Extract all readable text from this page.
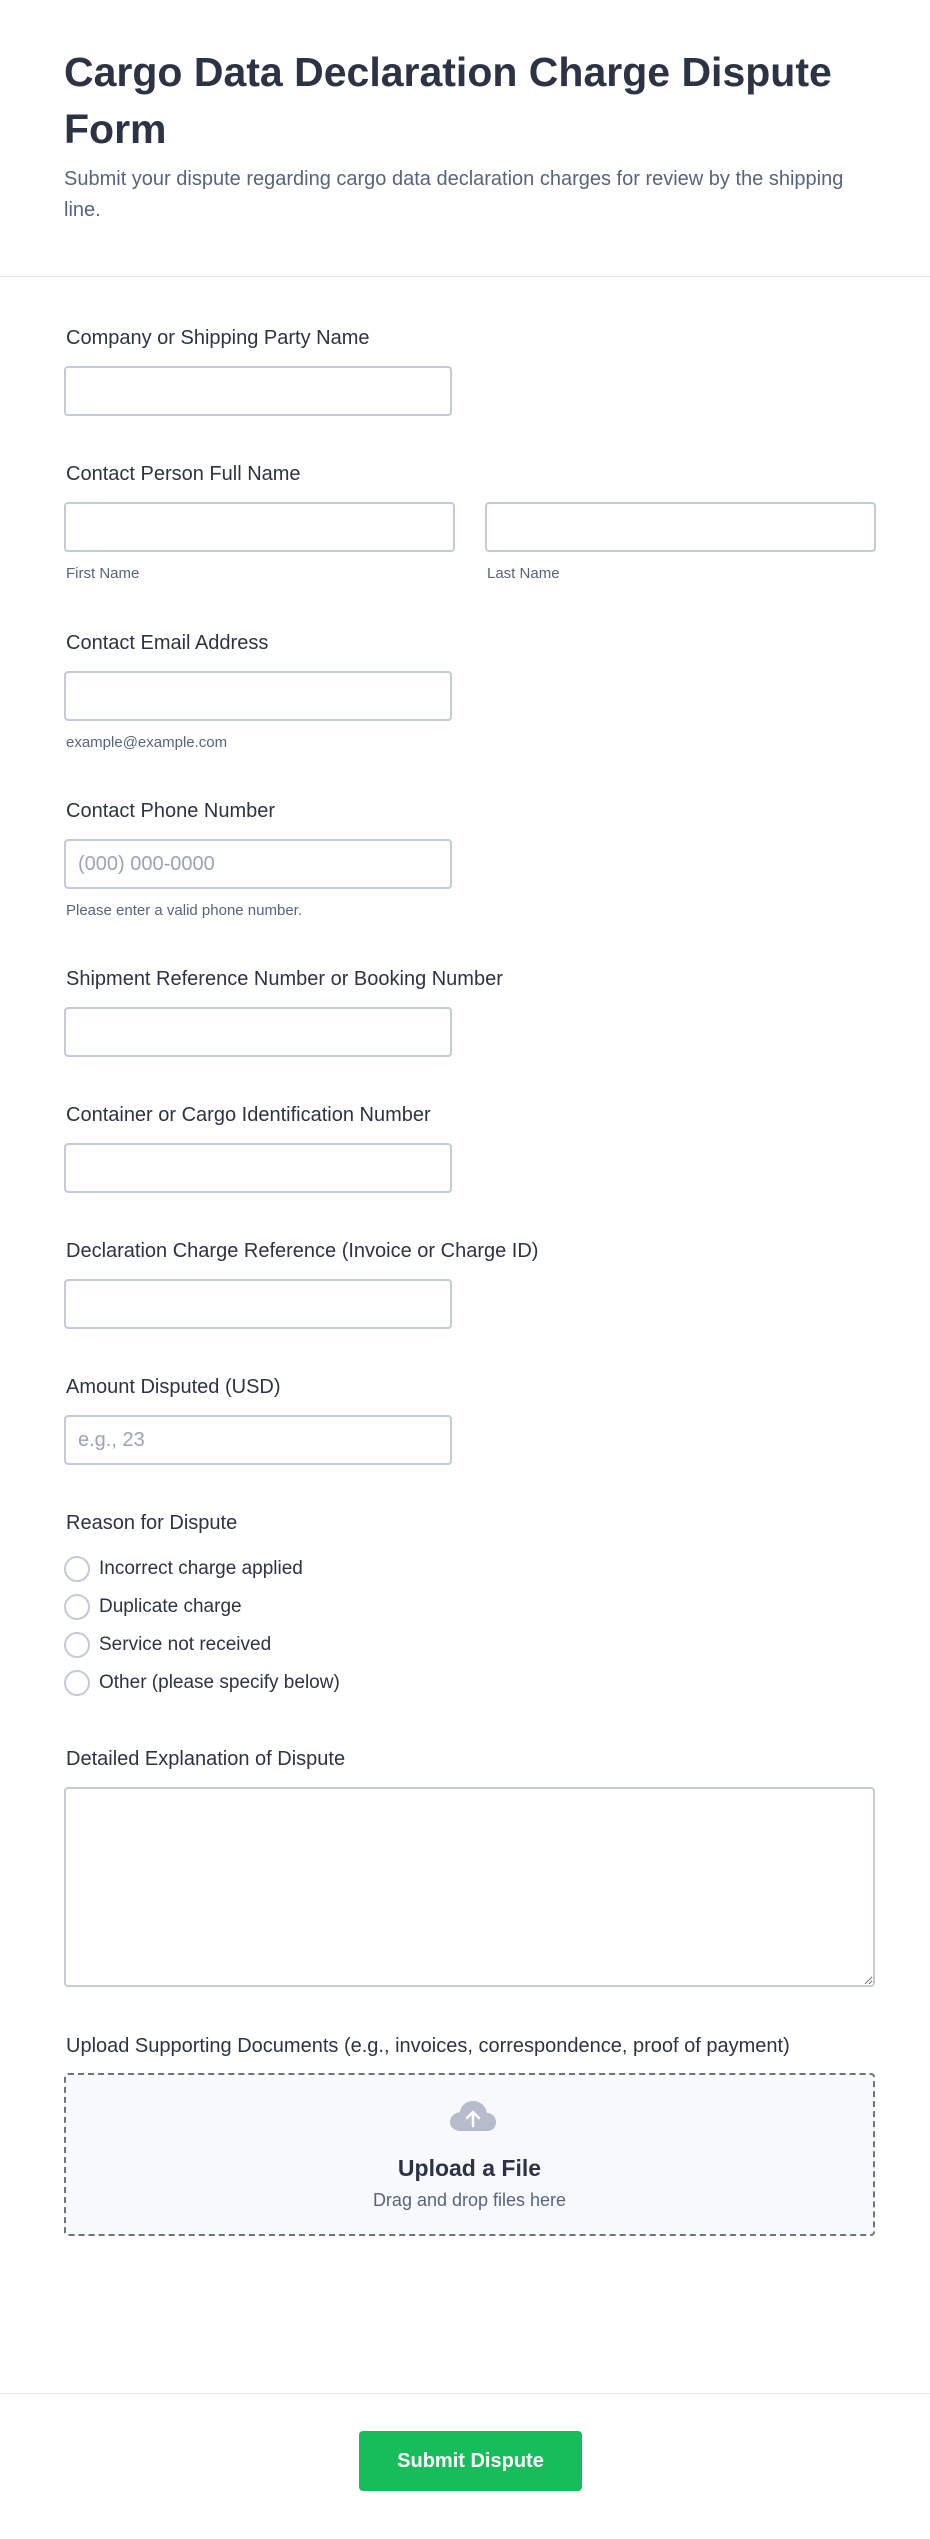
Cargo Data Declaration Charge Dispute Form

Submit your dispute regarding cargo data declaration charges for review by the shipping line.

Company or Shipping Party Name
Contact Person Full Name
First Name	Last Name
Contact Email Address
example@example.com
Contact Phone Number
(000) 000-0000
Please enter a valid phone number.
Shipment Reference Number or Booking Number
Container or Cargo Identification Number
Declaration Charge Reference (Invoice or Charge ID)
Amount Disputed (USD)
e.g., 23
Reason for Dispute
Incorrect charge applied
Duplicate charge
Service not received
Other (please specify below)
Detailed Explanation of Dispute
Upload Supporting Documents (e.g., invoices, correspondence, proof of payment)
Upload a File
Drag and drop files here
Submit Dispute
